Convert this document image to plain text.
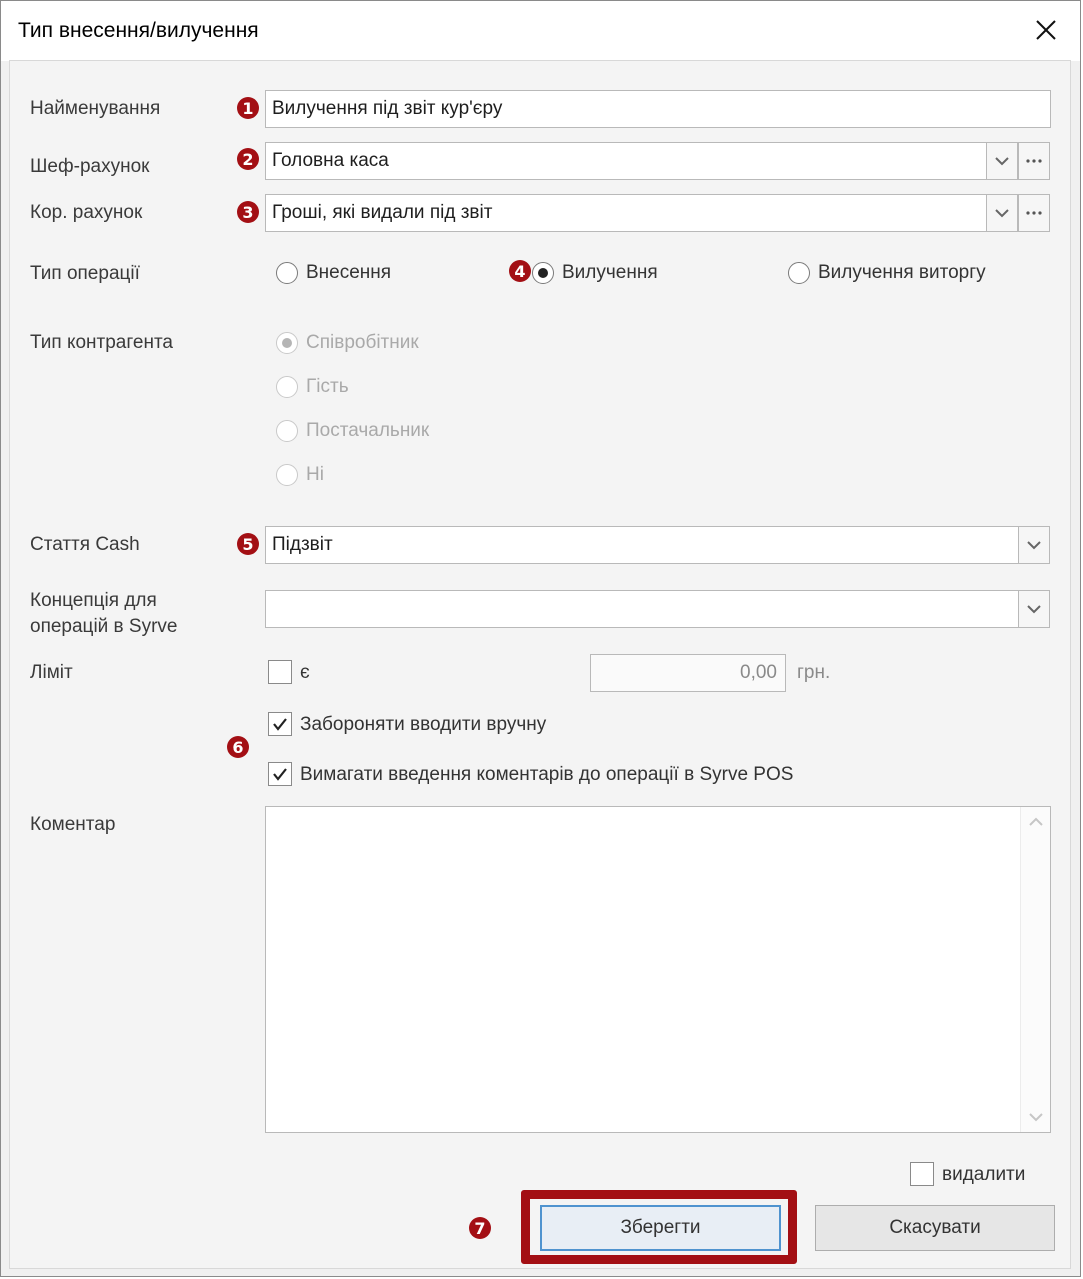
Тип внесення/вилучення
Найменування	1 Вилучення під звіт кур'єру
Шеф-рахунок	2 Головна каса
Кор. рахунок	3 Гроші, які видали під звіт
Тип операції	Внесення	4 Вилучення	Вилучення виторгу
Тип контрагента	Співробітник
Гість
Постачальник
Ні
Стаття Cash	5 Підзвіт
Концепція для
операцій в Syrve
Ліміт	є	0,00	грн.
6
Забороняти вводити вручну
Вимагати введення коментарів до операції в Syrve POS
Коментар
видалити
7	Зберегти	Скасувати
